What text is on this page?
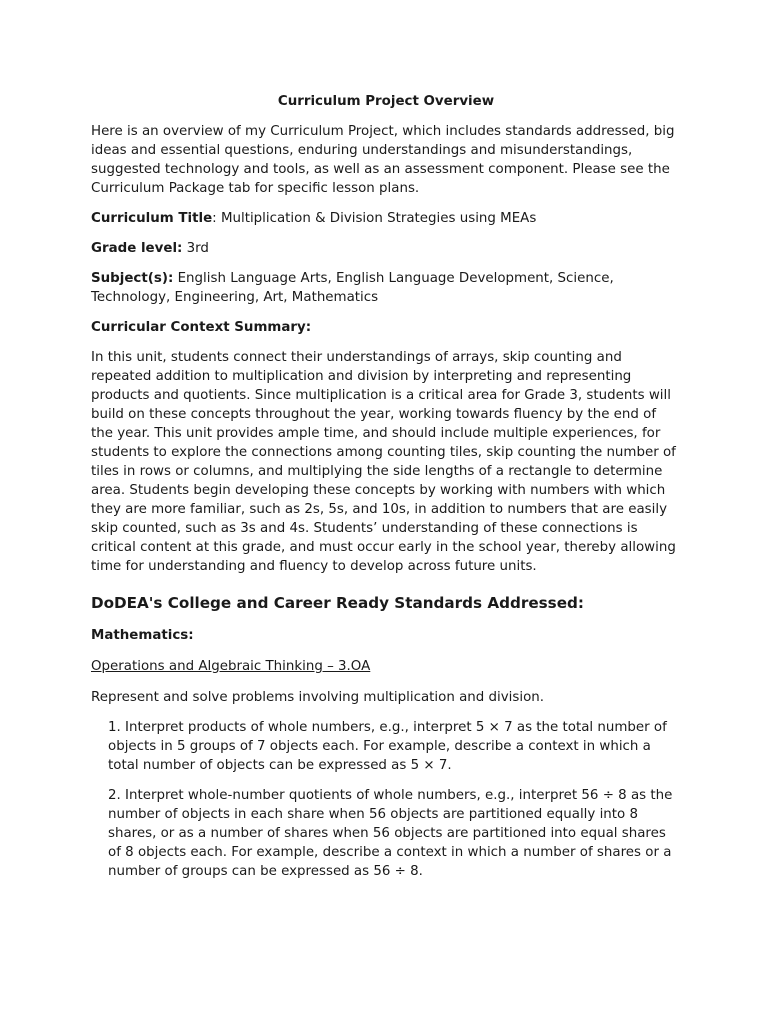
Curriculum Project Overview

Here is an overview of my Curriculum Project, which includes standards addressed, big ideas and essential questions, enduring understandings and misunderstandings, suggested technology and tools, as well as an assessment component. Please see the Curriculum Package tab for specific lesson plans.

Curriculum Title: Multiplication & Division Strategies using MEAs

Grade level: 3rd

Subject(s): English Language Arts, English Language Development, Science, Technology, Engineering, Art, Mathematics

Curricular Context Summary:

In this unit, students connect their understandings of arrays, skip counting and repeated addition to multiplication and division by interpreting and representing products and quotients. Since multiplication is a critical area for Grade 3, students will build on these concepts throughout the year, working towards fluency by the end of the year. This unit provides ample time, and should include multiple experiences, for students to explore the connections among counting tiles, skip counting the number of tiles in rows or columns, and multiplying the side lengths of a rectangle to determine area. Students begin developing these concepts by working with numbers with which they are more familiar, such as 2s, 5s, and 10s, in addition to numbers that are easily skip counted, such as 3s and 4s. Students’ understanding of these connections is critical content at this grade, and must occur early in the school year, thereby allowing time for understanding and fluency to develop across future units.

DoDEA's College and Career Ready Standards Addressed:

Mathematics:

Operations and Algebraic Thinking – 3.OA

Represent and solve problems involving multiplication and division.

1. Interpret products of whole numbers, e.g., interpret 5 × 7 as the total number of objects in 5 groups of 7 objects each. For example, describe a context in which a total number of objects can be expressed as 5 × 7.

2. Interpret whole-number quotients of whole numbers, e.g., interpret 56 ÷ 8 as the number of objects in each share when 56 objects are partitioned equally into 8 shares, or as a number of shares when 56 objects are partitioned into equal shares of 8 objects each. For example, describe a context in which a number of shares or a number of groups can be expressed as 56 ÷ 8.
